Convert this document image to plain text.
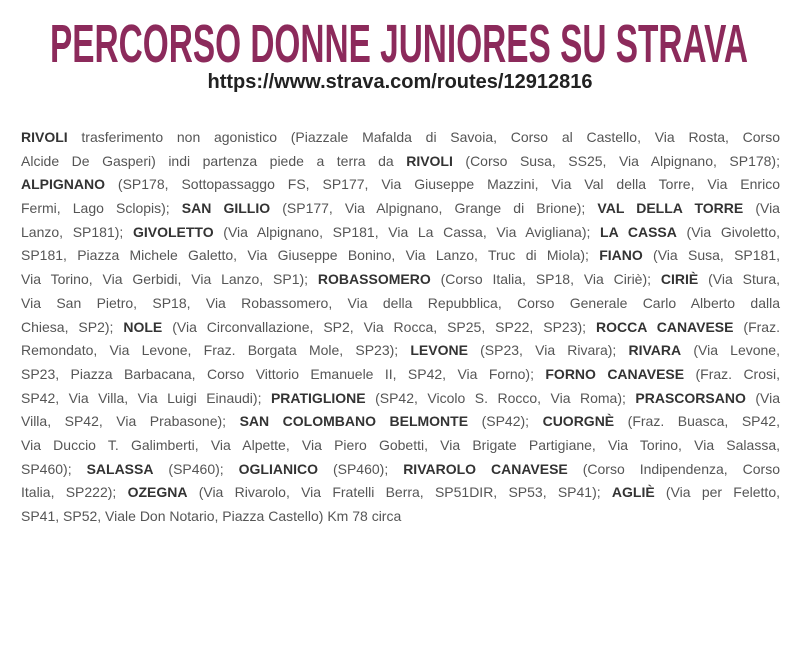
PERCORSO DONNE JUNIORES SU STRAVA
https://www.strava.com/routes/12912816
RIVOLI trasferimento non agonistico (Piazzale Mafalda di Savoia, Corso al Castello, Via Rosta, Corso
Alcide De Gasperi) indi partenza piede a terra da RIVOLI (Corso Susa, SS25, Via Alpignano, SP178);
ALPIGNANO (SP178, Sottopassaggo FS, SP177, Via Giuseppe Mazzini, Via Val della Torre, Via Enrico
Fermi, Lago Sclopis); SAN GILLIO (SP177, Via Alpignano, Grange di Brione); VAL DELLA TORRE (Via
Lanzo, SP181); GIVOLETTO (Via Alpignano, SP181, Via La Cassa, Via Avigliana); LA CASSA (Via Givoletto,
SP181, Piazza Michele Galetto, Via Giuseppe Bonino, Via Lanzo, Truc di Miola); FIANO (Via Susa, SP181,
Via Torino, Via Gerbidi, Via Lanzo, SP1); ROBASSOMERO (Corso Italia, SP18, Via Ciriè); CIRIÈ (Via Stura,
Via San Pietro, SP18, Via Robassomero, Via della Repubblica, Corso Generale Carlo Alberto dalla
Chiesa, SP2); NOLE (Via Circonvallazione, SP2, Via Rocca, SP25, SP22, SP23); ROCCA CANAVESE (Fraz.
Remondato, Via Levone, Fraz. Borgata Mole, SP23); LEVONE (SP23, Via Rivara); RIVARA (Via Levone,
SP23, Piazza Barbacana, Corso Vittorio Emanuele II, SP42, Via Forno); FORNO CANAVESE (Fraz. Crosi,
SP42, Via Villa, Via Luigi Einaudi); PRATIGLIONE (SP42, Vicolo S. Rocco, Via Roma); PRASCORSANO (Via
Villa, SP42, Via Prabasone); SAN COLOMBANO BELMONTE (SP42); CUORGNÈ (Fraz. Buasca, SP42,
Via Duccio T. Galimberti, Via Alpette, Via Piero Gobetti, Via Brigate Partigiane, Via Torino, Via Salassa,
SP460); SALASSA (SP460); OGLIANICO (SP460); RIVAROLO CANAVESE (Corso Indipendenza, Corso
Italia, SP222); OZEGNA (Via Rivarolo, Via Fratelli Berra, SP51DIR, SP53, SP41); AGLIÈ (Via per Feletto,
SP41, SP52, Viale Don Notario, Piazza Castello) Km 78 circa
